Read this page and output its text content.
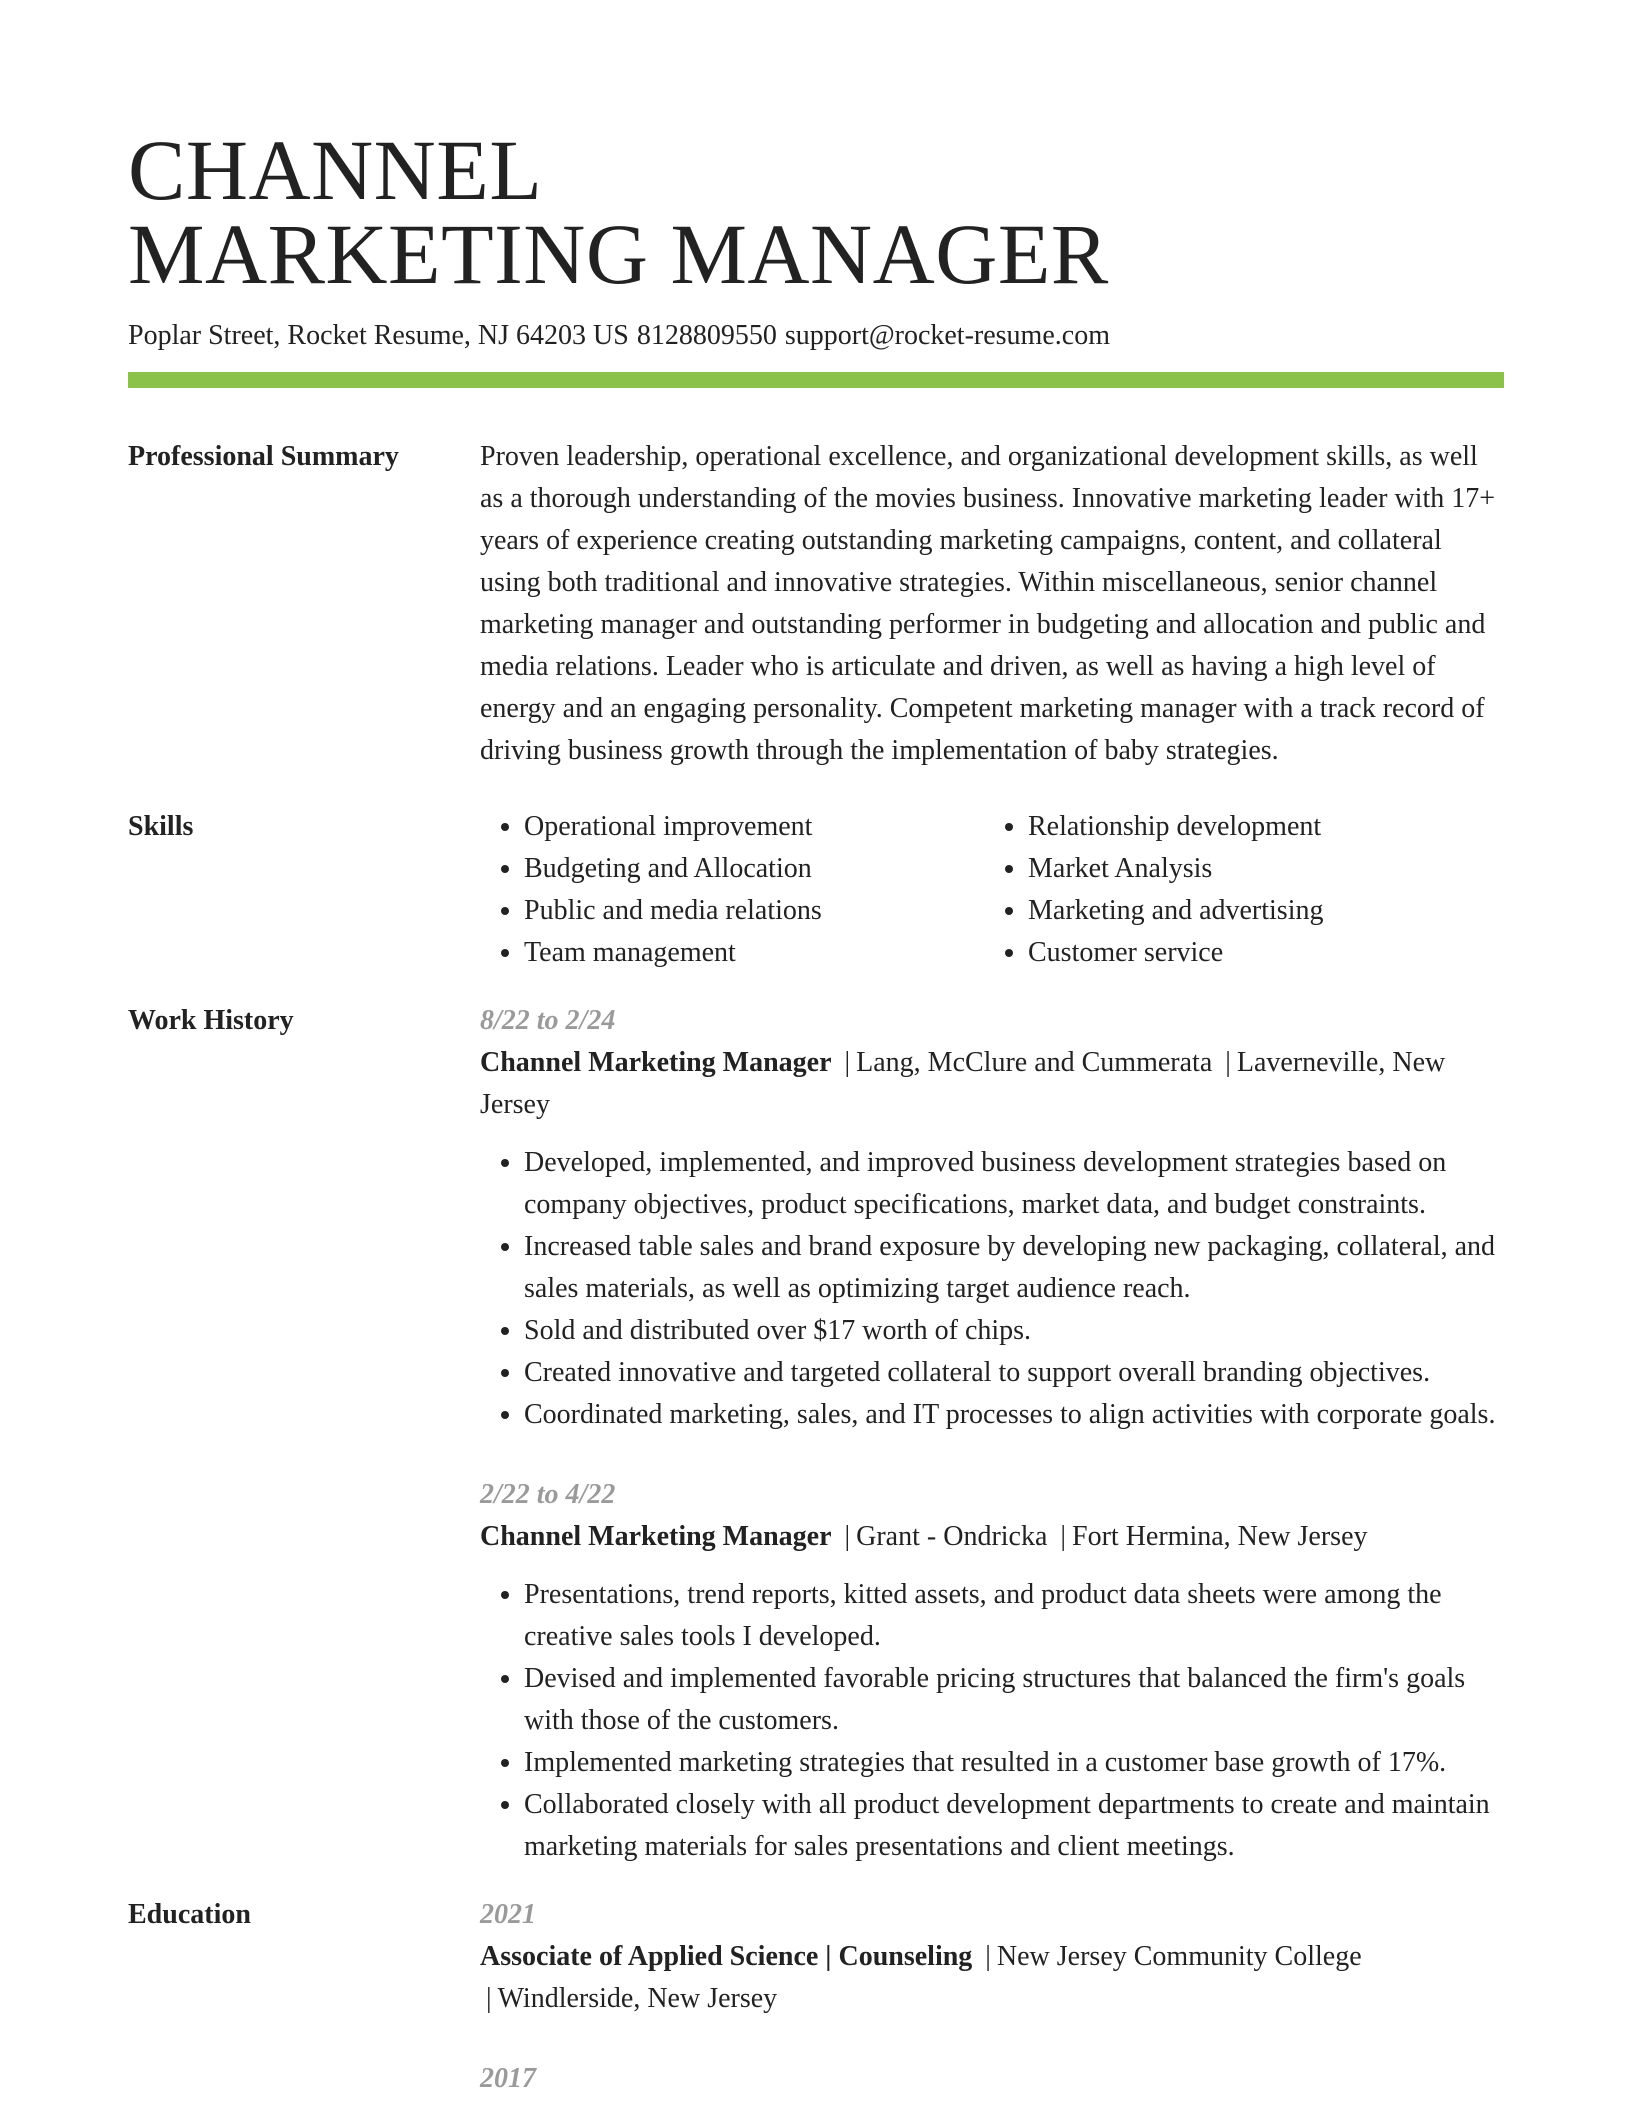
CHANNEL
MARKETING MANAGER
Poplar Street, Rocket Resume, NJ 64203 US 8128809550 support@rocket-resume.com
Professional Summary	Proven leadership, operational excellence, and organizational development skills, as well as a thorough understanding of the movies business. Innovative marketing leader with 17+ years of experience creating outstanding marketing campaigns, content, and collateral using both traditional and innovative strategies. Within miscellaneous, senior channel marketing manager and outstanding performer in budgeting and allocation and public and media relations. Leader who is articulate and driven, as well as having a high level of energy and an engaging personality. Competent marketing manager with a track record of driving business growth through the implementation of baby strategies.

Skills
•	Operational improvement
• Budgeting and Allocation
• Public and media relations
• Team management
• Relationship development
• Market Analysis
• Marketing and advertising
• Customer service
Work History	8/22 to 2/24
Channel Marketing Manager | Lang, McClure and Cummerata | Laverneville, New Jersey
• Developed, implemented, and improved business development strategies based on company objectives, product specifications, market data, and budget constraints.
• Increased table sales and brand exposure by developing new packaging, collateral, and sales materials, as well as optimizing target audience reach.
• Sold and distributed over $17 worth of chips.
• Created innovative and targeted collateral to support overall branding objectives.
• Coordinated marketing, sales, and IT processes to align activities with corporate goals.
2/22 to 4/22
Channel Marketing Manager | Grant - Ondricka | Fort Hermina, New Jersey
• Presentations, trend reports, kitted assets, and product data sheets were among the creative sales tools I developed.
• Devised and implemented favorable pricing structures that balanced the firm's goals with those of the customers.
• Implemented marketing strategies that resulted in a customer base growth of 17%.
• Collaborated closely with all product development departments to create and maintain marketing materials for sales presentations and client meetings.
Education	2021
Associate of Applied Science | Counseling | New Jersey Community College | Windlerside, New Jersey
2017
